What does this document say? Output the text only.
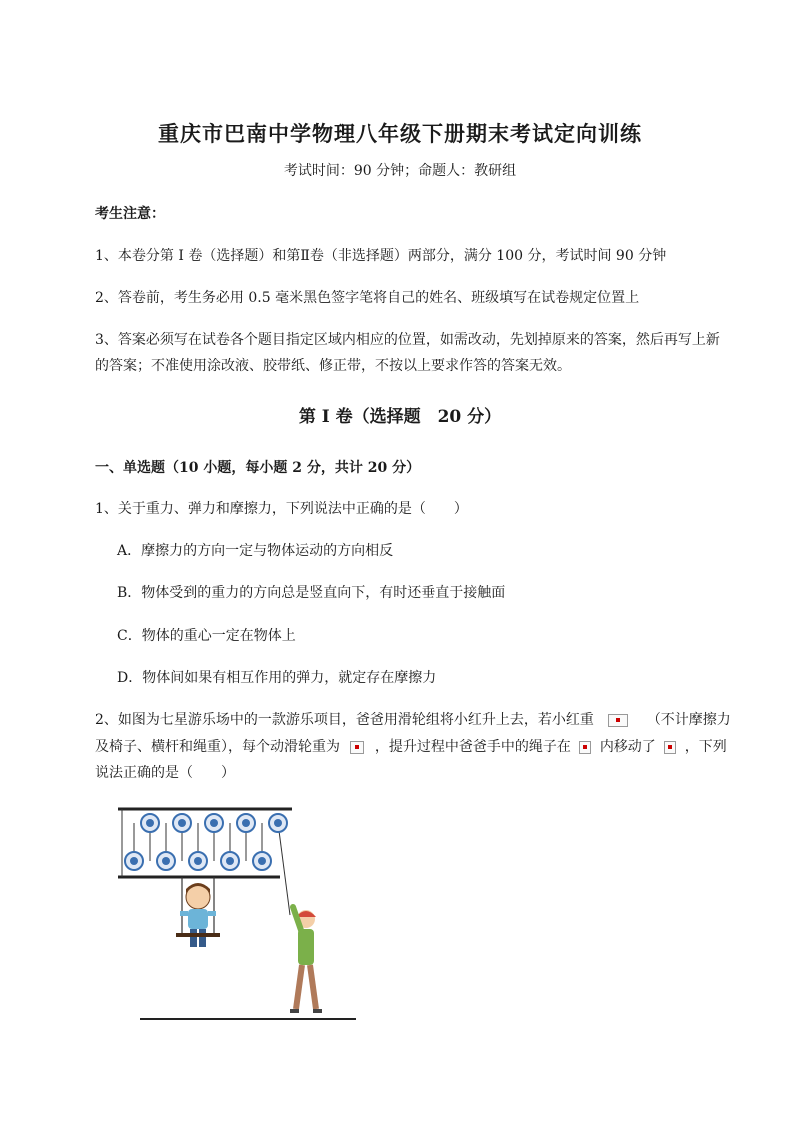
重庆市巴南中学物理八年级下册期末考试定向训练
考试时间：90 分钟；命题人：教研组
考生注意：
1、本卷分第 I 卷（选择题）和第Ⅱ卷（非选择题）两部分，满分 100 分，考试时间 90 分钟
2、答卷前，考生务必用 0.5 毫米黑色签字笔将自己的姓名、班级填写在试卷规定位置上
3、答案必须写在试卷各个题目指定区域内相应的位置，如需改动，先划掉原来的答案，然后再写上新
的答案；不准使用涂改液、胶带纸、修正带，不按以上要求作答的答案无效。
第 I 卷（选择题　20 分）
一、单选题（10 小题，每小题 2 分，共计 20 分）
1、关于重力、弹力和摩擦力，下列说法中正确的是（　　）
A．摩擦力的方向一定与物体运动的方向相反
B．物体受到的重力的方向总是竖直向下，有时还垂直于接触面
C．物体的重心一定在物体上
D．物体间如果有相互作用的弹力，就定存在摩擦力
2、如图为七星游乐场中的一款游乐项目，爸爸用滑轮组将小红升上去，若小红重	（不计摩擦力
及椅子、横杆和绳重），每个动滑轮重为 ，提升过程中爸爸手中的绳子在 内移动了 ，下列
说法正确的是（　　）
